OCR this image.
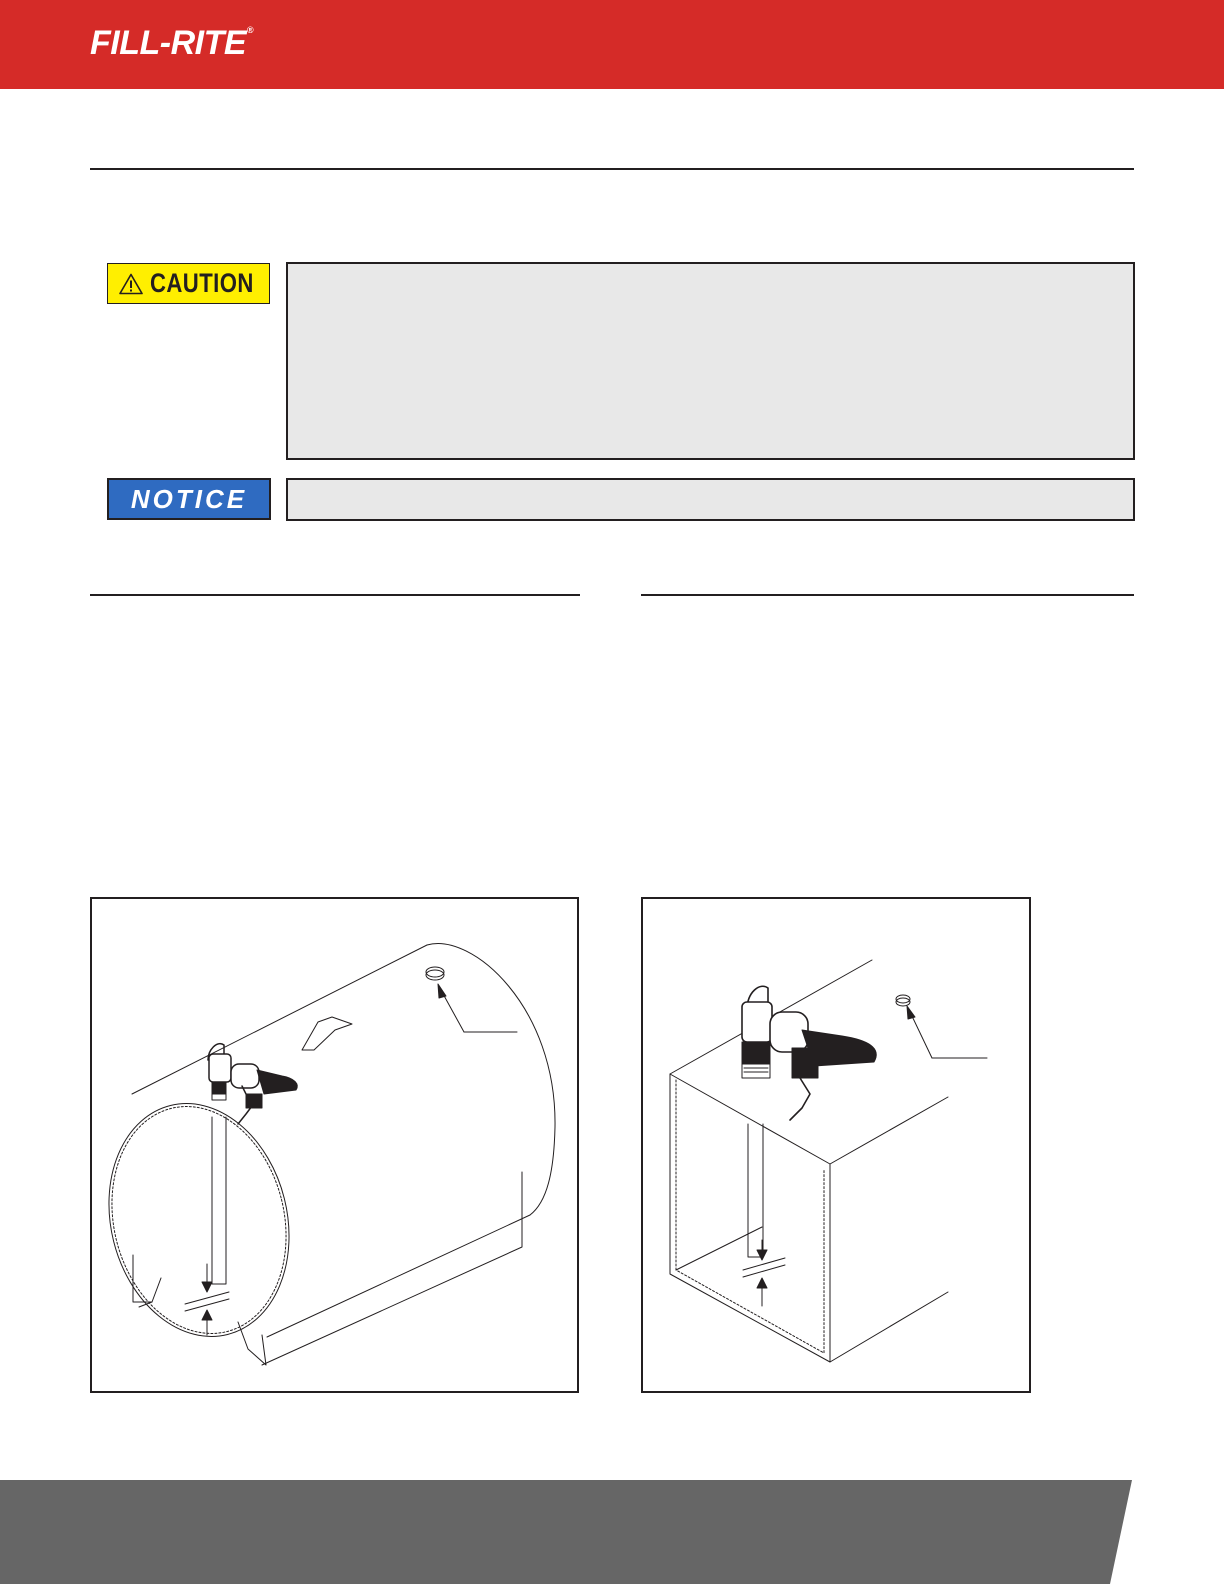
FILL-RITE®
CAUTION
NOTICE
